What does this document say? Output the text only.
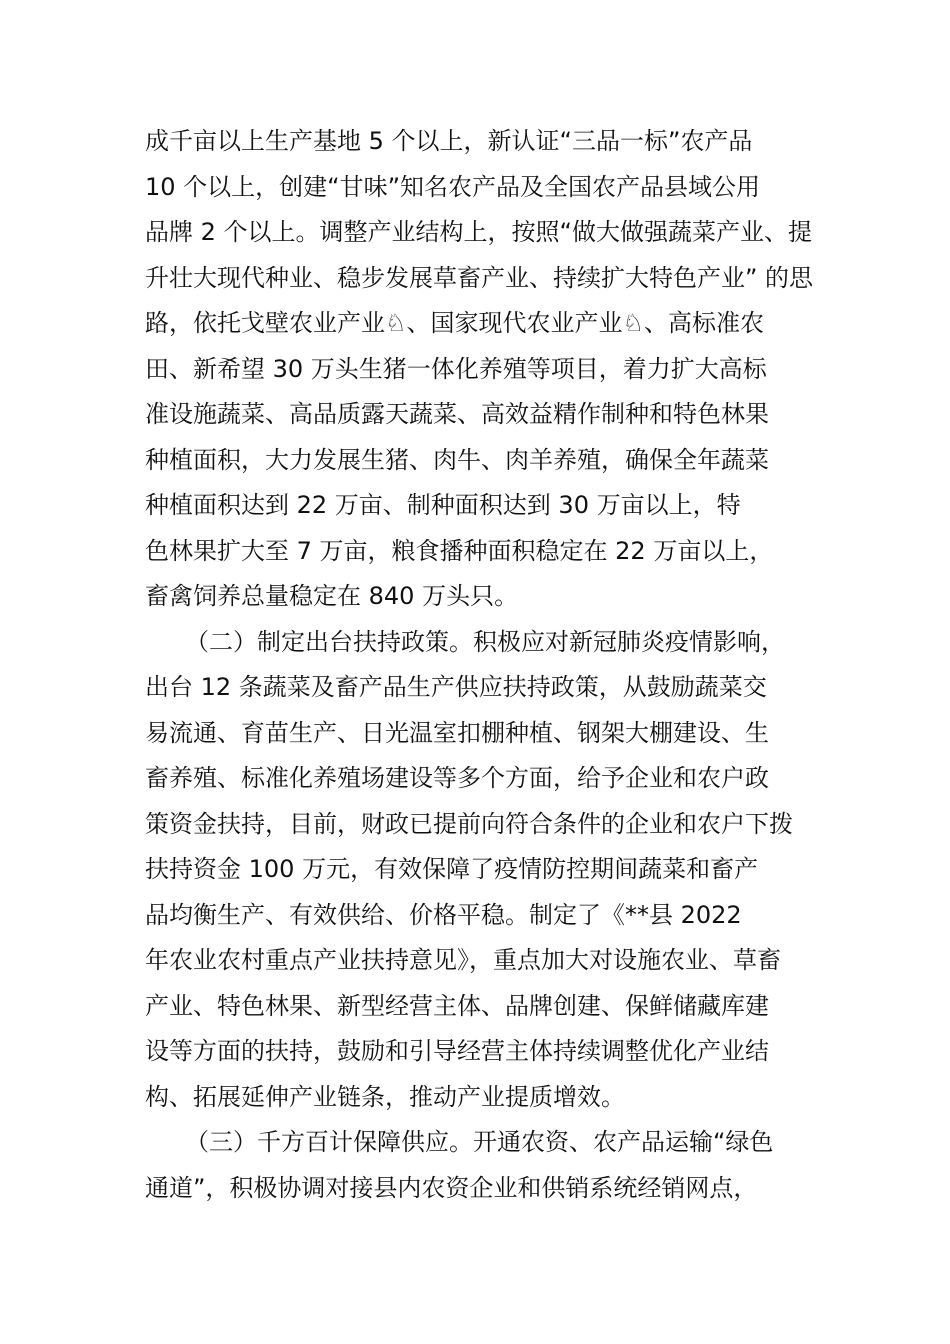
成千亩以上生产基地 5 个以上，新认证“三品一标”农产品
10 个以上，创建“甘味”知名农产品及全国农产品县域公用
品牌 2 个以上。调整产业结构上，按照“做大做强蔬菜产业、提
升壮大现代种业、稳步发展草畜产业、持续扩大特色产业” 的思
路，依托戈壁农业产业♘、国家现代农业产业♘、高标准农
田、新希望 30 万头生猪一体化养殖等项目，着力扩大高标
准设施蔬菜、高品质露天蔬菜、高效益精作制种和特色林果
种植面积，大力发展生猪、肉牛、肉羊养殖，确保全年蔬菜
种植面积达到 22 万亩、制种面积达到 30 万亩以上，特
色林果扩大至 7 万亩，粮食播种面积稳定在 22 万亩以上，
畜禽饲养总量稳定在 840 万头只。
（二）制定出台扶持政策。积极应对新冠肺炎疫情影响，
出台 12 条蔬菜及畜产品生产供应扶持政策，从鼓励蔬菜交
易流通、育苗生产、日光温室扣棚种植、钢架大棚建设、生
畜养殖、标准化养殖场建设等多个方面，给予企业和农户政
策资金扶持，目前，财政已提前向符合条件的企业和农户下拨
扶持资金 100 万元，有效保障了疫情防控期间蔬菜和畜产
品均衡生产、有效供给、价格平稳。制定了《**县 2022
年农业农村重点产业扶持意见》，重点加大对设施农业、草畜
产业、特色林果、新型经营主体、品牌创建、保鲜储藏库建
设等方面的扶持，鼓励和引导经营主体持续调整优化产业结
构、拓展延伸产业链条，推动产业提质增效。
（三）千方百计保障供应。开通农资、农产品运输“绿色
通道”，积极协调对接县内农资企业和供销系统经销网点，
